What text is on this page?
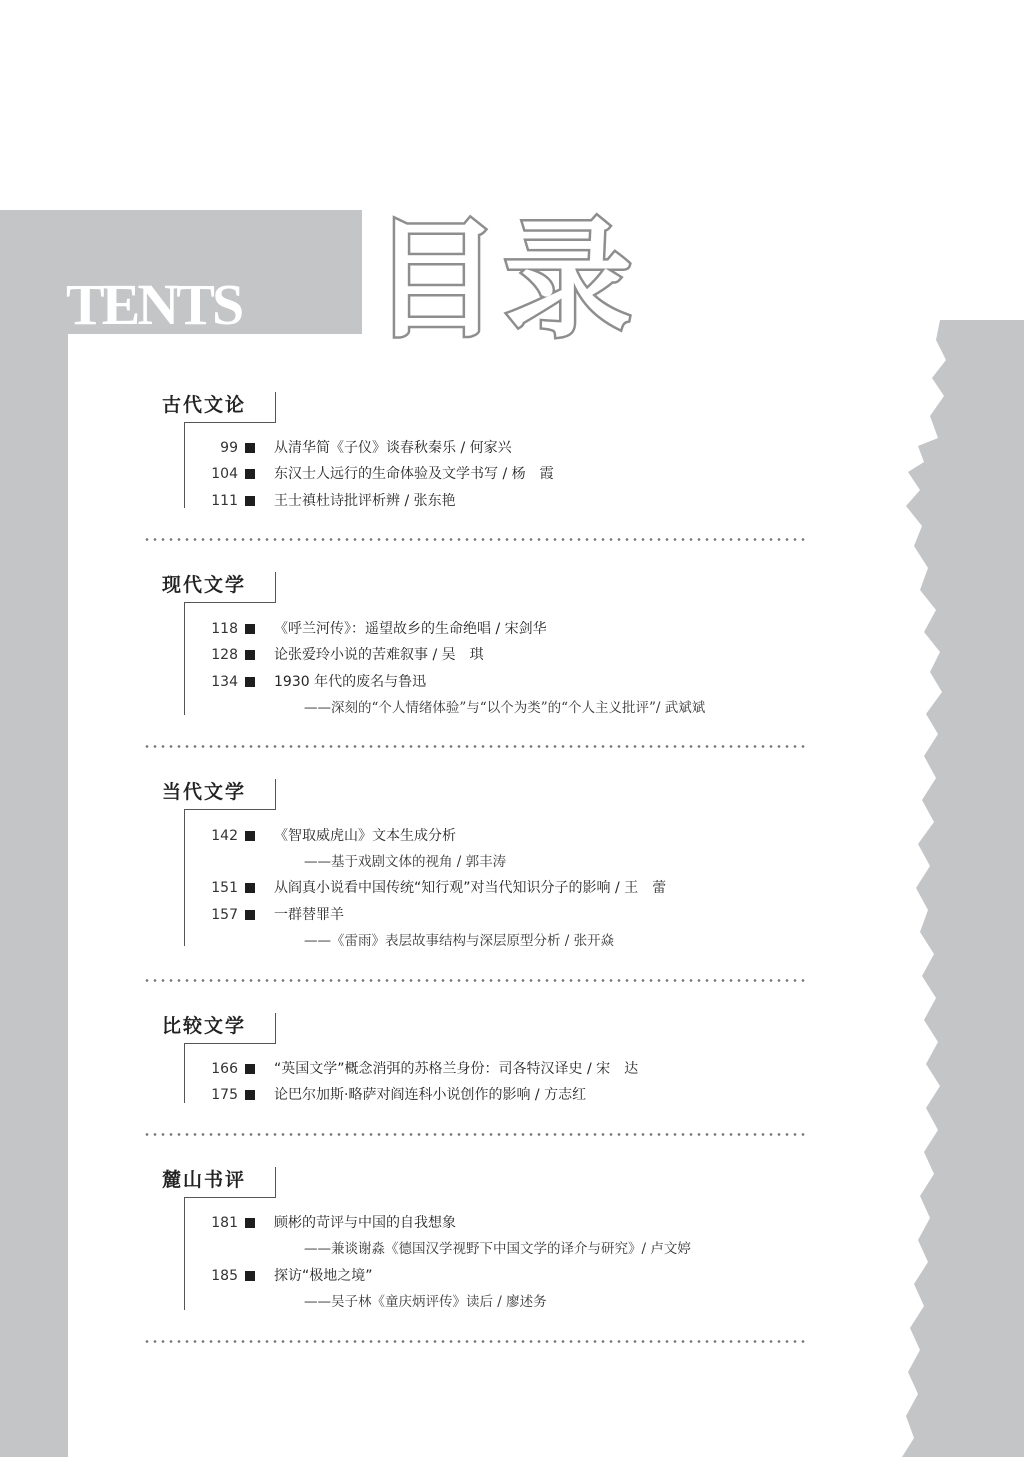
TENTS 目录
古代文论
99	从清华简《子仪》谈春秋秦乐 / 何家兴
104	东汉士人远行的生命体验及文学书写 / 杨　霞
111	王士禛杜诗批评析辨 / 张东艳
现代文学
118	《呼兰河传》：遥望故乡的生命绝唱 / 宋剑华
128	论张爱玲小说的苦难叙事 / 吴　琪
134	1930 年代的废名与鲁迅
——深刻的“个人情绪体验”与“以个为类”的“个人主义批评”/ 武斌斌
当代文学
142	《智取威虎山》文本生成分析
——基于戏剧文体的视角 / 郭丰涛
151	从阎真小说看中国传统“知行观”对当代知识分子的影响 / 王　蕾
157	一群替罪羊
——《雷雨》表层故事结构与深层原型分析 / 张开焱
比较文学
166	“英国文学”概念消弭的苏格兰身份：司各特汉译史 / 宋　达
175	论巴尔加斯·略萨对阎连科小说创作的影响 / 方志红
麓山书评
181	顾彬的苛评与中国的自我想象
——兼谈谢淼《德国汉学视野下中国文学的译介与研究》/ 卢文婷
185	探访“极地之境”
——吴子林《童庆炳评传》读后 / 廖述务
